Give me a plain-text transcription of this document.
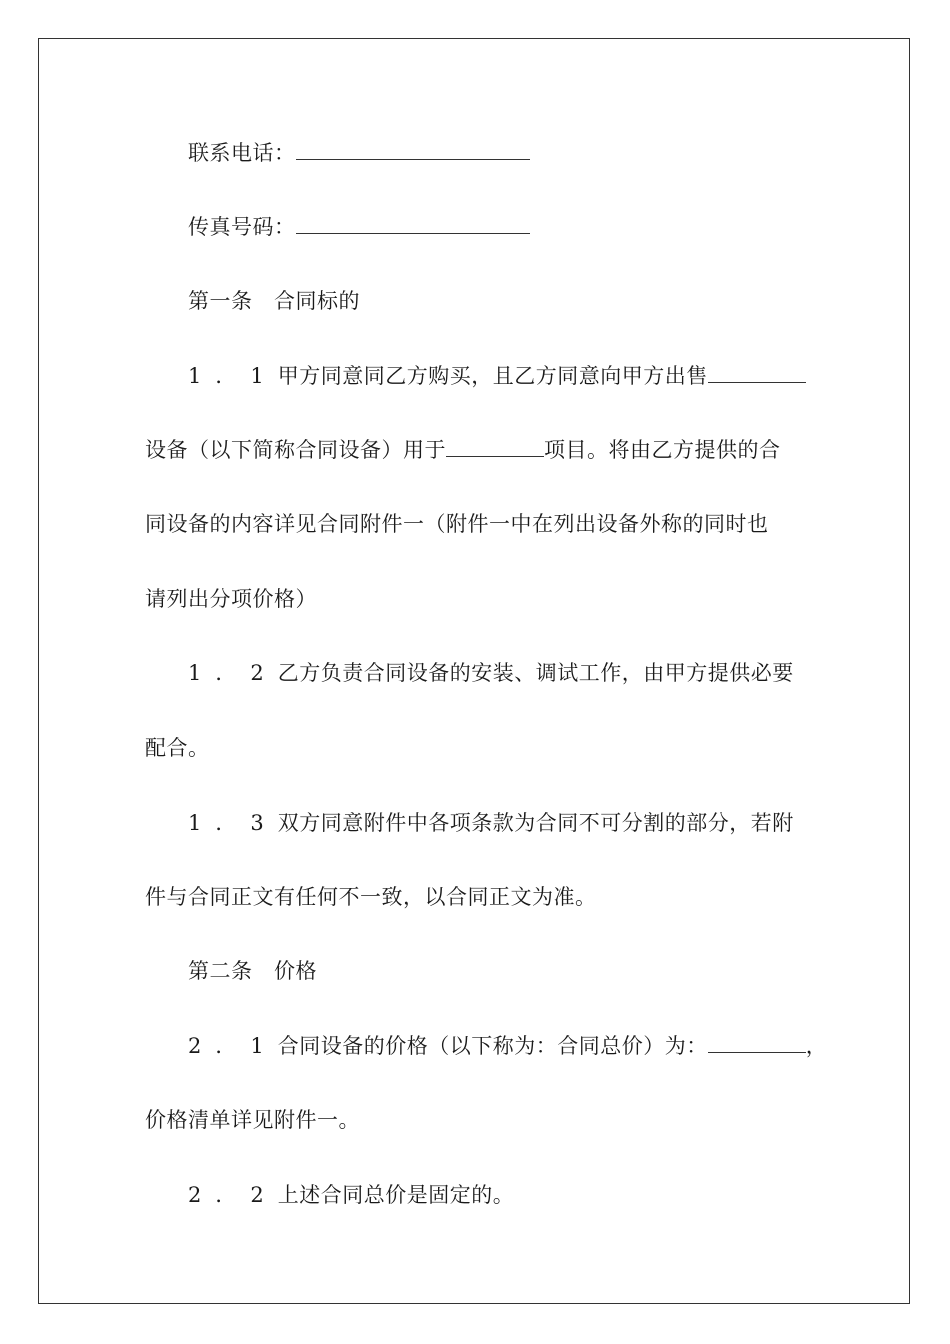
联系电话：
传真号码：
第一条　合同标的
1．1甲方同意同乙方购买，且乙方同意向甲方出售
设备（以下简称合同设备）用于	项目。将由乙方提供的合
同设备的内容详见合同附件一（附件一中在列出设备外称的同时也
请列出分项价格）
1．2乙方负责合同设备的安装、调试工作，由甲方提供必要
配合。
1．3双方同意附件中各项条款为合同不可分割的部分，若附
件与合同正文有任何不一致，以合同正文为准。
第二条　价格
2．1合同设备的价格（以下称为：合同总价）为：	，
价格清单详见附件一。
2．2上述合同总价是固定的。
